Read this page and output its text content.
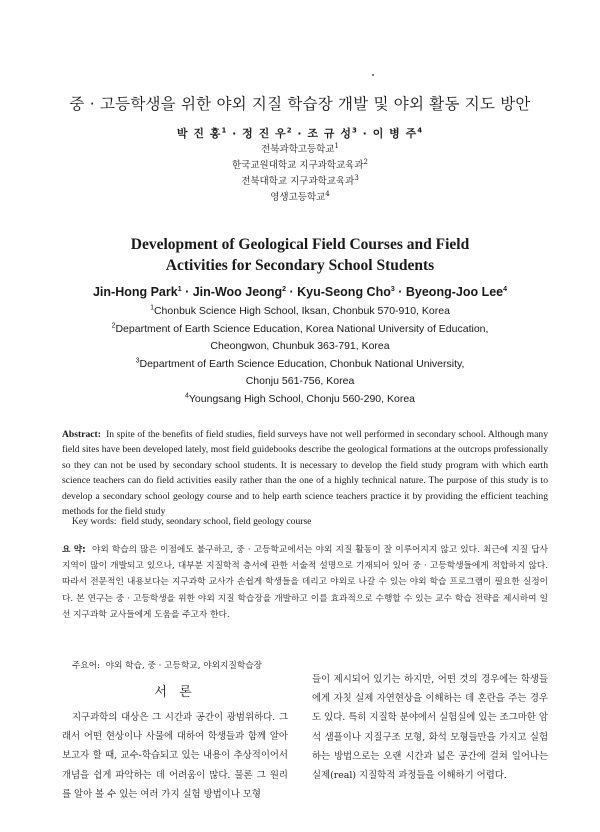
중 · 고등학생을 위한 야외 지질 학습장 개발 및 야외 활동 지도 방안
박 진 홍$^1$ · 정 진 우$^2$ · 조 규 성$^3$ · 이 병 주$^4$
전북과학고등학교$^1$
한국교원대학교 지구과학교육과$^2$
전북대학교 지구과학교육과$^3$
영생고등학교$^4$
Development of Geological Field Courses and Field
Activities for Secondary School Students
Jin-Hong Park$^1$ · Jin-Woo Jeong$^2$ · Kyu-Seong Cho$^3$ · Byeong-Joo Lee$^4$
$^1$Chonbuk Science High School, Iksan, Chonbuk 570-910, Korea
$^2$Department of Earth Science Education, Korea National University of Education,
Cheongwon, Chunbuk 363-791, Korea
$^3$Department of Earth Science Education, Chonbuk National University,
Chonju 561-756, Korea
$^4$Youngsang High School, Chonju 560-290, Korea
Abstract: In spite of the benefits of field studies, field surveys have not well performed in secondary school. Although many field sites have been developed lately, most field guidebooks describe the geological formations at the outcrops professionally so they can not be used by secondary school students. It is necessary to develop the field study program with which earth science teachers can do field activities easily rather than the one of a highly technical nature. The purpose of this study is to develop a secondary school geology course and to help earth science teachers practice it by providing the efficient teaching methods for the field study
Key words: field study, seondary school, field geology course
요 약: 야외 학습의 많은 이점에도 불구하고, 중 · 고등학교에서는 야외 지질 활동이 잘 이루어지지 않고 있다. 최근에 지질 답사 지역이 많이 개발되고 있으나, 대부분 지질학적 층서에 관한 서술적 설명으로 기재되어 있어 중 · 고등학생들에게 적합하지 않다. 따라서 전문적인 내용보다는 지구과학 교사가 손쉽게 학생들을 데리고 야외로 나갈 수 있는 야외 학습 프로그램이 필요한 실정이다. 본 연구는 중 · 고등학생을 위한 야외 지질 학습장을 개발하고 이를 효과적으로 수행할 수 있는 교수 학습 전략을 제시하여 일선 지구과학 교사들에게 도움을 주고자 한다.
주요어: 야외 학습, 중 · 고등학교, 야외지질학습장
서 론
지구과학의 대상은 그 시간과 공간이 광범위하다. 그래서 어떤 현상이나 사물에 대하여 학생들과 함께 알아보고자 할 때, 교수-학습되고 있는 내용이 추상적이어서 개념을 쉽게 파악하는 데 어려움이 많다. 물론 그 원리를 알아 볼 수 있는 여러 가지 실험 방법이나 모형
들이 제시되어 있기는 하지만, 어떤 것의 경우에는 학생들에게 자칫 실제 자연현상을 이해하는 데 혼란을 주는 경우도 있다. 특히 지질학 분야에서 실험실에 있는 조그마한 암석 샘플이나 지질구조 모형, 화석 모형들만을 가지고 실험하는 방법으로는 오랜 시간과 넓은 공간에 걸쳐 일어나는 실제(real) 지질학적 과정들을 이해하기 어렵다.
